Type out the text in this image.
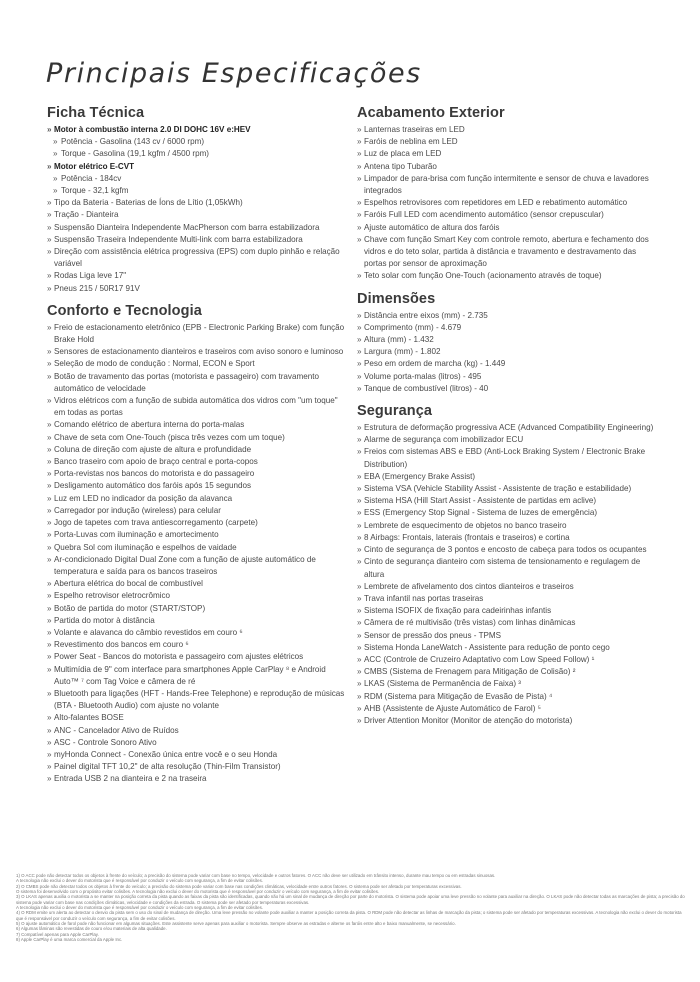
Principais Especificações
Ficha Técnica
» Motor à combustão interna 2.0 DI DOHC 16V e:HEV
» Potência - Gasolina (143 cv / 6000 rpm)
» Torque - Gasolina (19,1 kgfm / 4500 rpm)
» Motor elétrico E-CVT
» Potência - 184cv
» Torque - 32,1 kgfm
» Tipo da Bateria - Baterias de Íons de Lítio (1,05kWh)
» Tração - Dianteira
» Suspensão Dianteira Independente MacPherson com barra estabilizadora
» Suspensão Traseira Independente Multi-link com barra estabilizadora
» Direção com assistência elétrica progressiva (EPS) com duplo pinhão e relação variável
» Rodas Liga leve 17"
» Pneus 215 / 50R17 91V
Conforto e Tecnologia
» Freio de estacionamento eletrônico (EPB - Electronic Parking Brake) com função Brake Hold
» Sensores de estacionamento dianteiros e traseiros com aviso sonoro e luminoso
» Seleção de modo de condução : Normal, ECON e Sport
» Botão de travamento das portas (motorista e passageiro) com travamento automático de velocidade
» Vidros elétricos com a função de subida automática dos vidros com "um toque" em todas as portas
» Comando elétrico de abertura interna do porta-malas
» Chave de seta com One-Touch (pisca três vezes com um toque)
» Coluna de direção com ajuste de altura e profundidade
» Banco traseiro com apoio de braço central e porta-copos
» Porta-revistas nos bancos do motorista e do passageiro
» Desligamento automático dos faróis após 15 segundos
» Luz em LED no indicador da posição da alavanca
» Carregador por indução (wireless) para celular
» Jogo de tapetes com trava antiescorregamento (carpete)
» Porta-Luvas com iluminação e amortecimento
» Quebra Sol com iluminação e espelhos de vaidade
» Ar-condicionado Digital Dual Zone com a função de ajuste automático de temperatura e saída para os bancos traseiros
» Abertura elétrica do bocal de combustível
» Espelho retrovisor eletrocrômico
» Botão de partida do motor (START/STOP)
» Partida do motor à distância
» Volante e alavanca do câmbio revestidos em couro ⁶
» Revestimento dos bancos em couro ⁶
» Power Seat - Bancos do motorista e passageiro com ajustes elétricos
» Multimídia de 9" com interface para smartphones Apple CarPlay ⁸ e Android Auto™ ⁷ com Tag Voice e câmera de ré
» Bluetooth para ligações (HFT - Hands-Free Telephone) e reprodução de músicas (BTA - Bluetooth Audio) com ajuste no volante
» Alto-falantes BOSE
» ANC - Cancelador Ativo de Ruídos
» ASC - Controle Sonoro Ativo
» myHonda Connect - Conexão única entre você e o seu Honda
» Painel digital TFT 10,2" de alta resolução (Thin-Film Transistor)
» Entrada USB 2 na dianteira e 2 na traseira
Acabamento Exterior
» Lanternas traseiras em LED
» Faróis de neblina em LED
» Luz de placa em LED
» Antena tipo Tubarão
» Limpador de para-brisa com função intermitente e sensor de chuva e lavadores integrados
» Espelhos retrovisores com repetidores em LED e rebatimento automático
» Faróis Full LED com acendimento automático (sensor crepuscular)
» Ajuste automático de altura dos faróis
» Chave com função Smart Key com controle remoto, abertura e fechamento dos vidros e do teto solar, partida à distância e travamento e destravamento das portas por sensor de aproximação
» Teto solar com função One-Touch (acionamento através de toque)
Dimensões
» Distância entre eixos (mm) - 2.735
» Comprimento (mm) - 4.679
» Altura (mm) - 1.432
» Largura (mm) - 1.802
» Peso em ordem de marcha (kg) - 1.449
» Volume porta-malas (litros) - 495
» Tanque de combustível (litros) - 40
Segurança
» Estrutura de deformação progressiva ACE (Advanced Compatibility Engineering)
» Alarme de segurança com imobilizador ECU
» Freios com sistemas ABS e EBD (Anti-Lock Braking System / Electronic Brake Distribution)
» EBA (Emergency Brake Assist)
» Sistema VSA (Vehicle Stability Assist - Assistente de tração e estabilidade)
» Sistema HSA (Hill Start Assist - Assistente de partidas em aclive)
» ESS (Emergency Stop Signal - Sistema de luzes de emergência)
» Lembrete de esquecimento de objetos no banco traseiro
» 8 Airbags: Frontais, laterais (frontais e traseiros) e cortina
» Cinto de segurança de 3 pontos e encosto de cabeça para todos os ocupantes
» Cinto de segurança dianteiro com sistema de tensionamento e regulagem de altura
» Lembrete de afivelamento dos cintos dianteiros e traseiros
» Trava infantil nas portas traseiras
» Sistema ISOFIX de fixação para cadeirinhas infantis
» Câmera de ré multivisão (três vistas) com linhas dinâmicas
» Sensor de pressão dos pneus - TPMS
» Sistema Honda LaneWatch - Assistente para redução de ponto cego
» ACC (Controle de Cruzeiro Adaptativo com Low Speed Follow) ¹
» CMBS (Sistema de Frenagem para Mitigação de Colisão) ²
» LKAS (Sistema de Permanência de Faixa) ³
» RDM (Sistema para Mitigação de Evasão de Pista) ⁴
» AHB (Assistente de Ajuste Automático de Farol) ⁵
» Driver Attention Monitor (Monitor de atenção do motorista)

1) O ACC pode não detectar todos os objetos à frente do veículo; a precisão do sistema pode variar com base no tempo, velocidade e outros fatores. O ACC não deve ser utilizado em trânsito intenso, durante mau tempo ou em estradas sinuosas.

A tecnologia não exclui o dever do motorista que é responsável por conduzir o veículo com segurança, a fim de evitar colisões.

2) O CMBS pode não detectar todos os objetos à frente do veículo; a precisão do sistema pode variar com base nas condições climáticas, velocidade entre outros fatores. O sistema pode ser afetado por temperaturas excessivas.

O sistema foi desenvolvido com o propósito evitar colisões. A tecnologia não exclui o dever do motorista que é responsável por conduzir o veículo com segurança, a fim de evitar colisões.

3) O LKAS apenas auxilia o motorista a se manter na posição correta da pista quando as faixas da pista são identificadas, quando não há um sinal de mudança de direção por parte do motorista. O sistema pode apoiar uma leve pressão no volante para auxiliar na direção. O LKAS pode não detectar todas as marcações de pista; a precisão do sistema pode variar com base nas condições climáticas, velocidade e condições da estrada. O sistema pode ser afetado por temperaturas excessivas.

A tecnologia não exclui o dever do motorista que é responsável por conduzir o veículo com segurança, a fim de evitar colisões.

4) O RDM emite um alerta ao detectar o desvio da pista sem o uso do sinal de mudança de direção. Uma leve pressão no volante pode auxiliar a manter a posição correta da pista. O RDM pode não detectar as linhas de marcação da pista; o sistema pode ser afetado por temperaturas excessivas. A tecnologia não exclui o dever do motorista que é responsável por conduzir o veículo com segurança, a fim de evitar colisões.

5) O ajuste automático de farol pode não funcionar em algumas situações. Este assistente serve apenas para auxiliar o motorista. Sempre observe as estradas e alterne os faróis entre alto e baixo manualmente, se necessário.

6) Algumas lâminas são revestidas de couro e/ou materiais de alta qualidade.

7) Compatível apenas para Apple CarPlay.

8) Apple CarPlay é uma marca comercial da Apple Inc.
